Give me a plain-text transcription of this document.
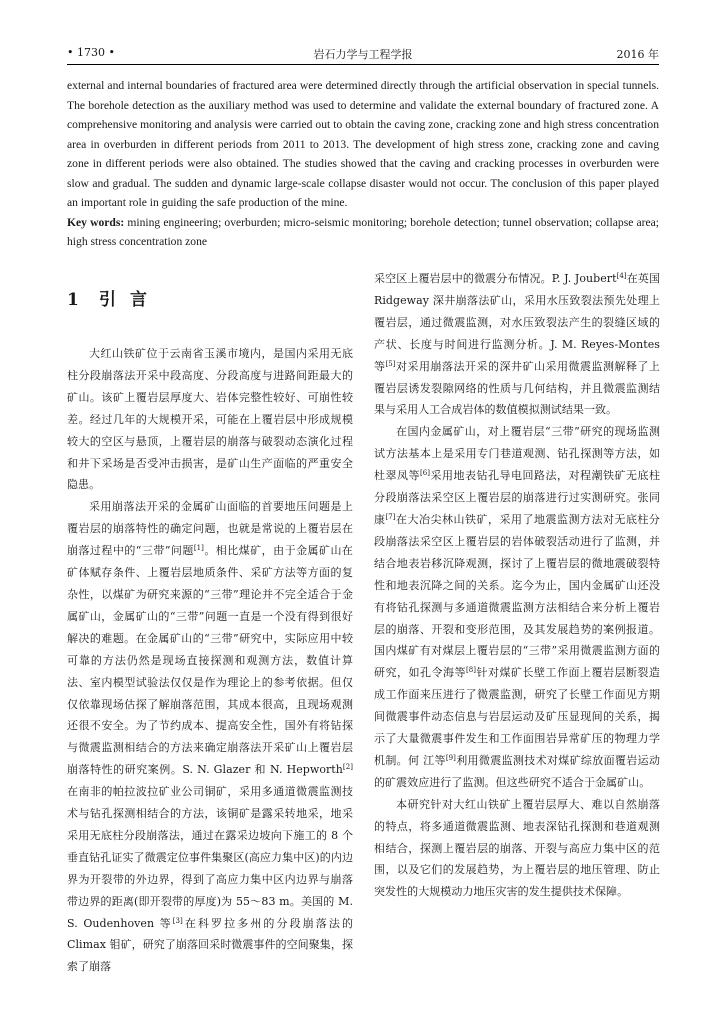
• 1730 •	岩石力学与工程学报	2016 年

external and internal boundaries of fractured area were determined directly through the artificial observation in special tunnels. The borehole detection as the auxiliary method was used to determine and validate the external boundary of fractured zone. A comprehensive monitoring and analysis were carried out to obtain the caving zone, cracking zone and high stress concentration area in overburden in different periods from 2011 to 2013. The development of high stress zone, cracking zone and caving zone in different periods were also obtained. The studies showed that the caving and cracking processes in overburden were slow and gradual. The sudden and dynamic large-scale collapse disaster would not occur. The conclusion of this paper played an important role in guiding the safe production of the mine.

Key words: mining engineering; overburden; micro-seismic monitoring; borehole detection; tunnel observation; collapse area; high stress concentration zone

1 引言

大红山铁矿位于云南省玉溪市境内，是国内采用无底柱分段崩落法开采中段高度、分段高度与进路间距最大的矿山。该矿上覆岩层厚度大、岩体完整性较好、可崩性较差。经过几年的大规模开采，可能在上覆岩层中形成规模较大的空区与悬顶，上覆岩层的崩落与破裂动态演化过程和井下采场是否受冲击损害，是矿山生产面临的严重安全隐患。

采用崩落法开采的金属矿山面临的首要地压问题是上覆岩层的崩落特性的确定问题，也就是常说的上覆岩层在崩落过程中的“三带”问题[1]。相比煤矿，由于金属矿山在矿体赋存条件、上覆岩层地质条件、采矿方法等方面的复杂性，以煤矿为研究来源的“三带”理论并不完全适合于金属矿山，金属矿山的“三带”问题一直是一个没有得到很好解决的难题。在金属矿山的“三带”研究中，实际应用中较可靠的方法仍然是现场直接探测和观测方法，数值计算法、室内模型试验法仅仅是作为理论上的参考依据。但仅仅依靠现场估探了解崩落范围，其成本很高，且现场观测还很不安全。为了节约成本、提高安全性，国外有将钻探与微震监测相结合的方法来确定崩落法开采矿山上覆岩层崩落特性的研究案例。S. N. Glazer 和 N. Hepworth[2]在南非的帕拉波拉矿业公司铜矿，采用多通道微震监测技术与钻孔探测相结合的方法，该铜矿是露采转地采，地采采用无底柱分段崩落法，通过在露采边坡向下施工的 8 个垂直钻孔证实了微震定位事件集聚区(高应力集中区)的内边界为开裂带的外边界，得到了高应力集中区内边界与崩落带边界的距离(即开裂带的厚度)为 55～83 m。美国的 M. S. Oudenhoven 等[3]在科罗拉多州的分段崩落法的 Climax 钼矿，研究了崩落回采时微震事件的空间聚集，探索了崩落

采空区上覆岩层中的微震分布情况。P. J. Joubert[4]在英国 Ridgeway 深井崩落法矿山，采用水压致裂法预先处理上覆岩层，通过微震监测，对水压致裂法产生的裂缝区域的产状、长度与时间进行监测分析。J. M. Reyes-Montes 等[5]对采用崩落法开采的深井矿山采用微震监测解释了上覆岩层诱发裂隙网络的性质与几何结构，并且微震监测结果与采用人工合成岩体的数值模拟测试结果一致。

在国内金属矿山，对上覆岩层“三带”研究的现场监测试方法基本上是采用专门巷道观测、钻孔探测等方法，如杜翠凤等[6]采用地表钻孔导电回路法，对程潮铁矿无底柱分段崩落法采空区上覆岩层的崩落进行过实测研究。张同康[7]在大冶尖林山铁矿，采用了地震监测方法对无底柱分段崩落法采空区上覆岩层的岩体破裂活动进行了监测，并结合地表岩移沉降观测，探讨了上覆岩层的微地震破裂特性和地表沉降之间的关系。迄今为止，国内金属矿山还没有将钻孔探测与多通道微震监测方法相结合来分析上覆岩层的崩落、开裂和变形范围，及其发展趋势的案例报道。国内煤矿有对煤层上覆岩层的“三带”采用微震监测方面的研究，如孔令海等[8]针对煤矿长壁工作面上覆岩层断裂造成工作面来压进行了微震监测，研究了长壁工作面见方期间微震事件动态信息与岩层运动及矿压显现间的关系，揭示了大量微震事件发生和工作面围岩异常矿压的物理力学机制。何 江等[9]利用微震监测技术对煤矿综放面覆岩运动的矿震效应进行了监测。但这些研究不适合于金属矿山。

本研究针对大红山铁矿上覆岩层厚大、难以自然崩落的特点，将多通道微震监测、地表深钻孔探测和巷道观测相结合，探测上覆岩层的崩落、开裂与高应力集中区的范围，以及它们的发展趋势，为上覆岩层的地压管理、防止突发性的大规模动力地压灾害的发生提供技术保障。
